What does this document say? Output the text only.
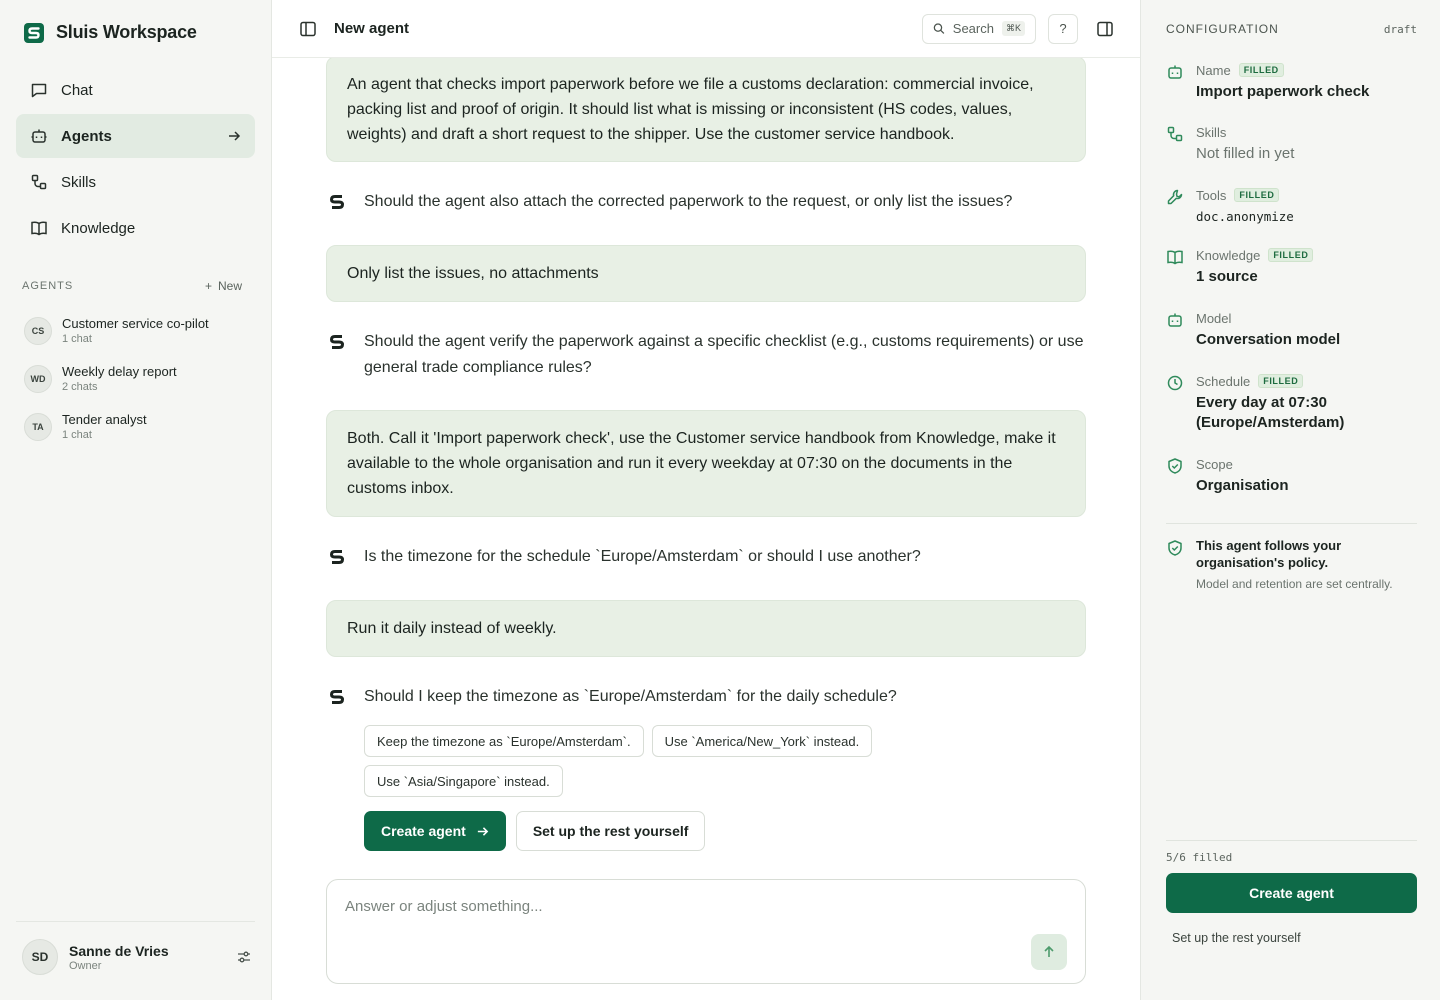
Sluis Workspace
Chat
Agents
Skills
Knowledge
AGENTS	+ New
CS	Customer service co-pilot
1 chat
WD	Weekly delay report
2 chats
TA	Tender analyst
1 chat
SD	Sanne de Vries
Owner
New agent	Search	⌘K	?
An agent that checks import paperwork before we file a customs declaration: commercial invoice, packing list and proof of origin. It should list what is missing or inconsistent (HS codes, values, weights) and draft a short request to the shipper. Use the customer service handbook.
Should the agent also attach the corrected paperwork to the request, or only list the issues?
Only list the issues, no attachments
Should the agent verify the paperwork against a specific checklist (e.g., customs requirements) or use general trade compliance rules?
Both. Call it 'Import paperwork check', use the Customer service handbook from Knowledge, make it available to the whole organisation and run it every weekday at 07:30 on the documents in the customs inbox.
Is the timezone for the schedule `Europe/Amsterdam` or should I use another?
Run it daily instead of weekly.
Should I keep the timezone as `Europe/Amsterdam` for the daily schedule?
Keep the timezone as `Europe/Amsterdam`.	Use `America/New_York` instead.
Use `Asia/Singapore` instead.
Create agent	Set up the rest yourself
Answer or adjust something...
CONFIGURATION	draft
Name	FILLED
Import paperwork check
Skills
Not filled in yet
Tools	FILLED
doc.anonymize
Knowledge	FILLED
1 source
Model
Conversation model
Schedule	FILLED
Every day at 07:30 (Europe/Amsterdam)
Scope
Organisation
This agent follows your organisation's policy.
Model and retention are set centrally.
5/6 filled
Create agent
Set up the rest yourself
